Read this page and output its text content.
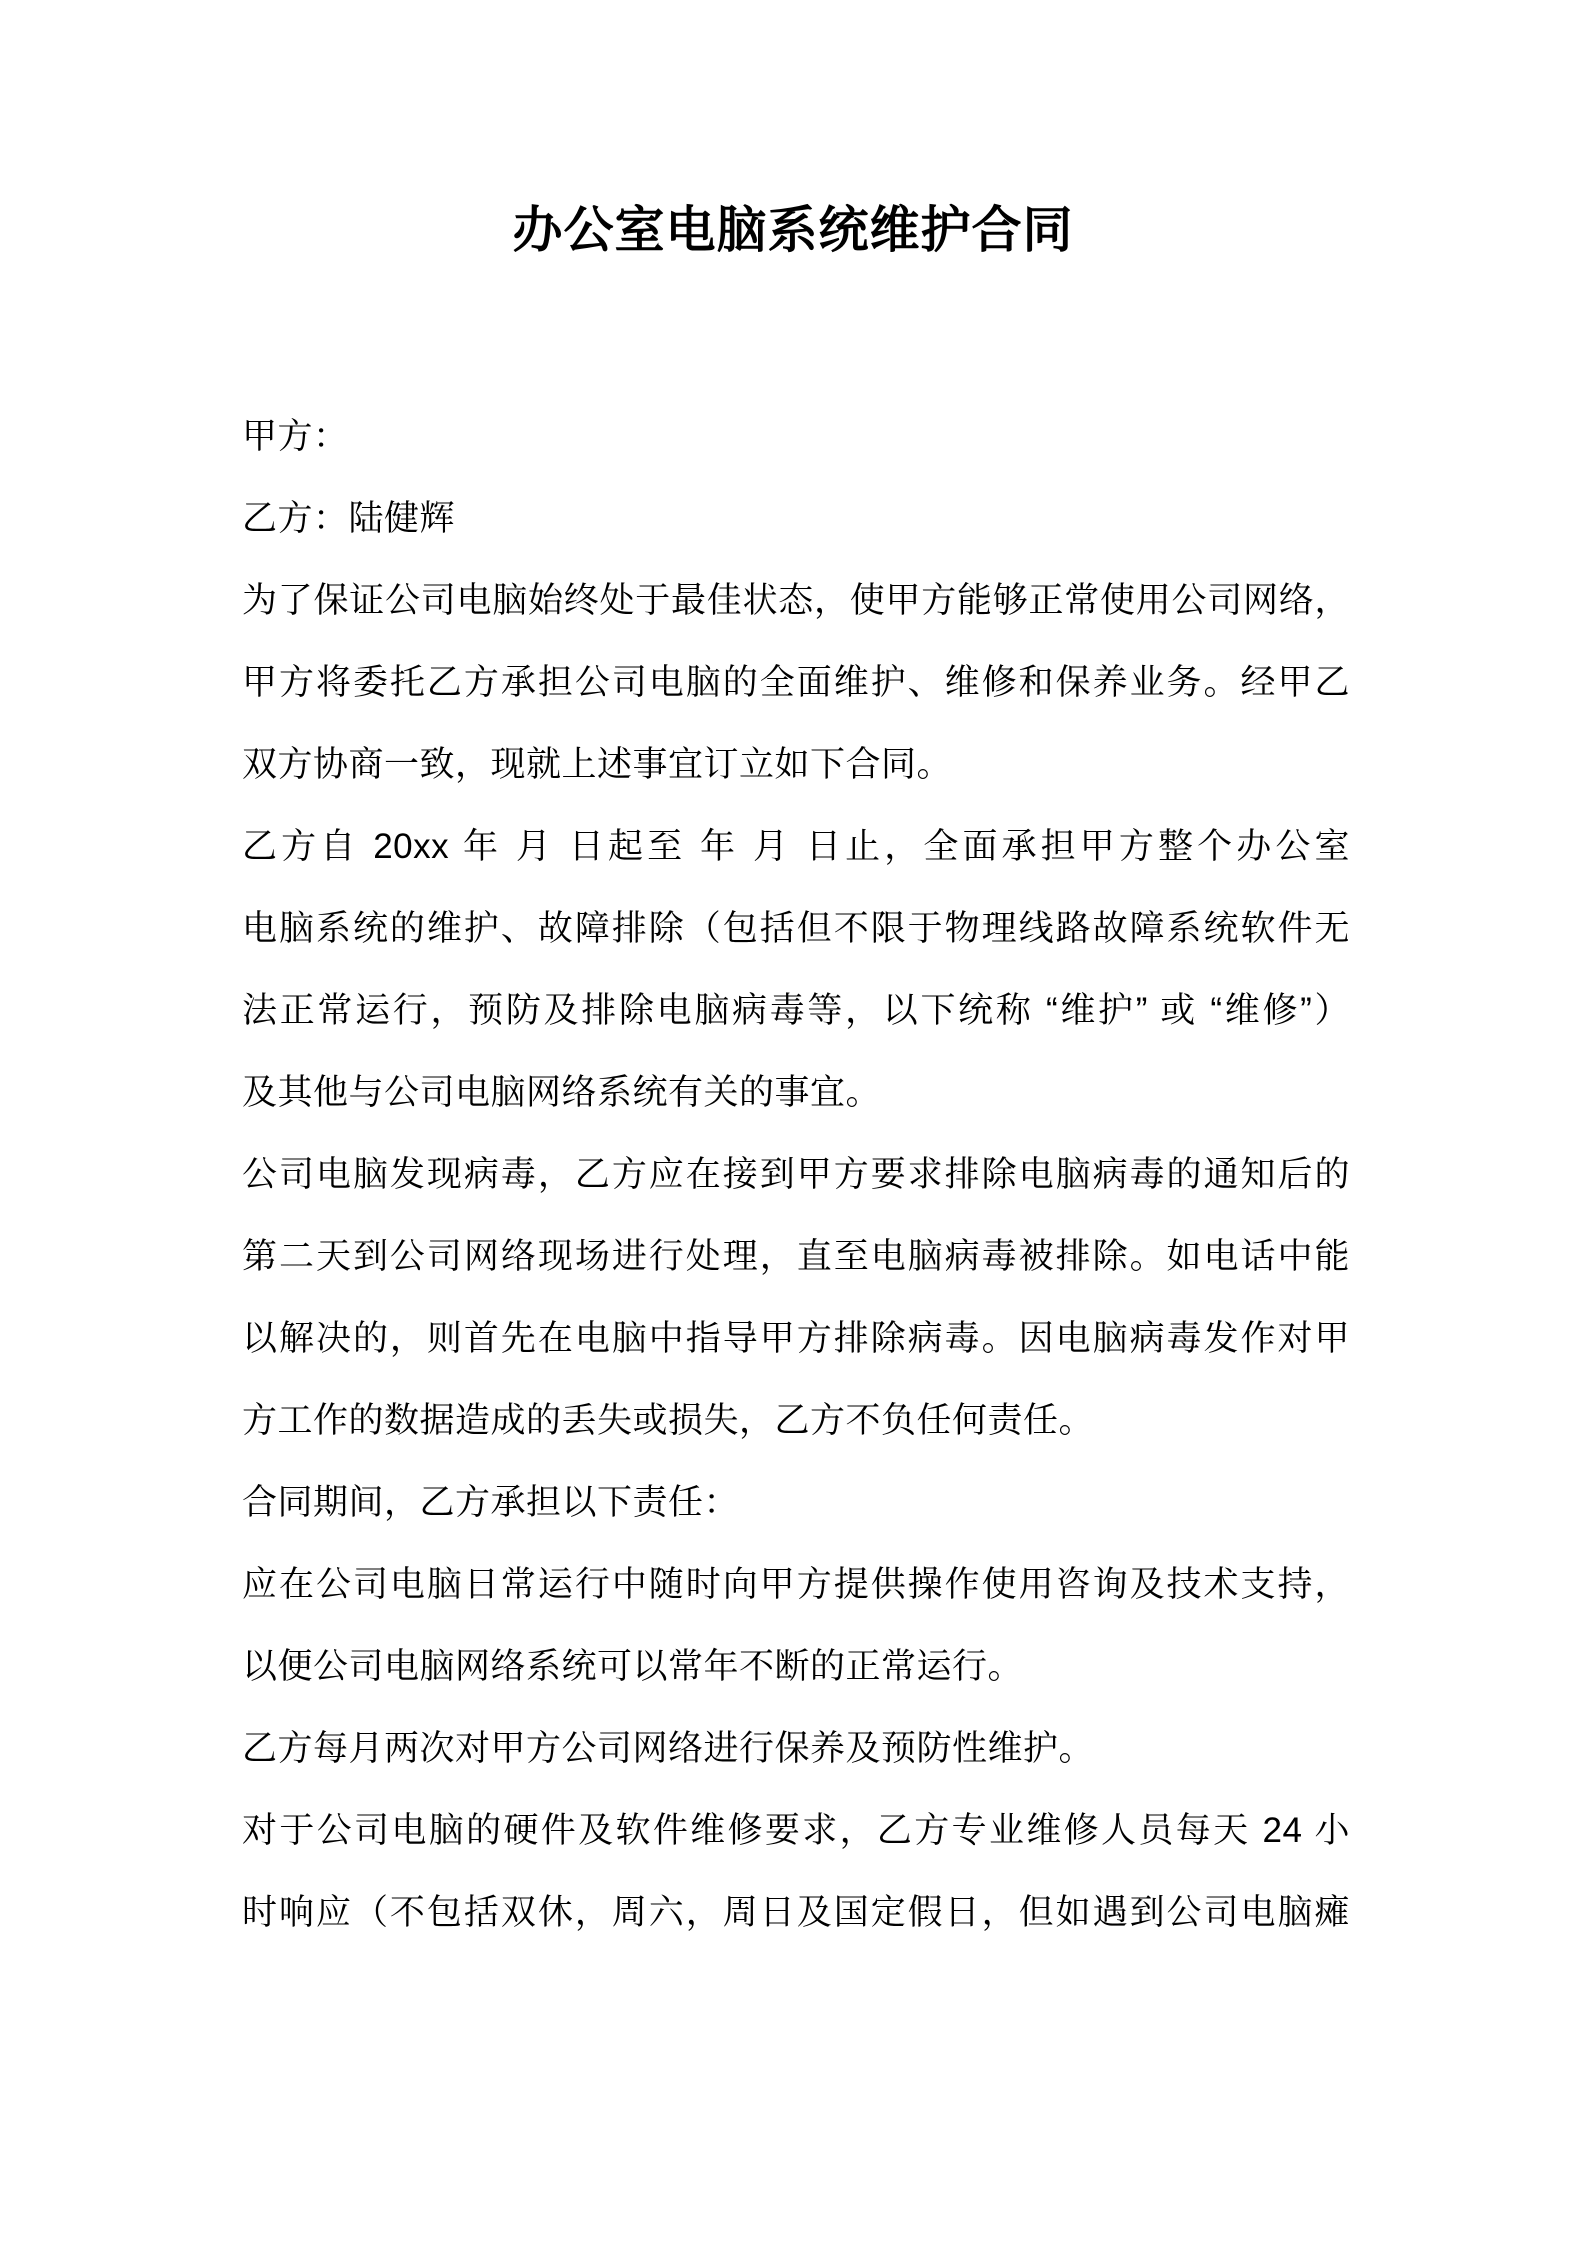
办公室电脑系统维护合同
甲方：
乙方：陆健辉
为了保证公司电脑始终处于最佳状态，使甲方能够正常使用公司网络，
甲方将委托乙方承担公司电脑的全面维护、维修和保养业务。经甲乙
双方协商一致，现就上述事宜订立如下合同。
乙方自 20xx 年 月 日起至 年 月 日止，全面承担甲方整个办公室
电脑系统的维护、故障排除（包括但不限于物理线路故障系统软件无
法正常运行，预防及排除电脑病毒等，以下统称 “维护” 或 “维修”）
及其他与公司电脑网络系统有关的事宜。
公司电脑发现病毒，乙方应在接到甲方要求排除电脑病毒的通知后的
第二天到公司网络现场进行处理，直至电脑病毒被排除。如电话中能
以解决的，则首先在电脑中指导甲方排除病毒。因电脑病毒发作对甲
方工作的数据造成的丢失或损失，乙方不负任何责任。
合同期间，乙方承担以下责任：
应在公司电脑日常运行中随时向甲方提供操作使用咨询及技术支持，
以便公司电脑网络系统可以常年不断的正常运行。
乙方每月两次对甲方公司网络进行保养及预防性维护。
对于公司电脑的硬件及软件维修要求，乙方专业维修人员每天 24 小
时响应（不包括双休，周六，周日及国定假日，但如遇到公司电脑瘫
